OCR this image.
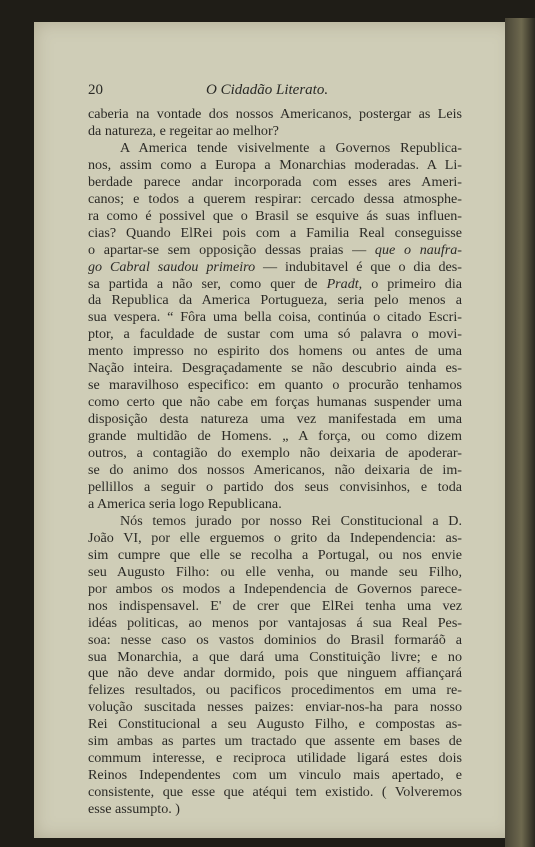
20	O Cidadão Literato.

caberia na vontade dos nossos Americanos, postergar as Leis
da natureza, e regeitar ao melhor?

A America tende visivelmente a Governos Republica-
nos, assim como a Europa a Monarchias moderadas. A Li-
berdade parece andar incorporada com esses ares Ameri-
canos; e todos a querem respirar: cercado dessa atmosphe-
ra como é possivel que o Brasil se esquive ás suas influen-
cias? Quando ElRei pois com a Familia Real conseguisse
o apartar-se sem opposição dessas praias — que o naufra-
go Cabral saudou primeiro — indubitavel é que o dia des-
sa partida a não ser, como quer de Pradt, o primeiro dia
da Republica da America Portugueza, seria pelo menos a
sua vespera. “ Fôra uma bella coisa, continúa o citado Escri-
ptor, a faculdade de sustar com uma só palavra o movi-
mento impresso no espirito dos homens ou antes de uma
Nação inteira. Desgraçadamente se não descubrio ainda es-
se maravilhoso especifico: em quanto o procurão tenhamos
como certo que não cabe em forças humanas suspender uma
disposição desta natureza uma vez manifestada em uma
grande multidão de Homens. „ A força, ou como dizem
outros, a contagião do exemplo não deixaria de apoderar-
se do animo dos nossos Americanos, não deixaria de im-
pellillos a seguir o partido dos seus convisinhos, e toda
a America seria logo Republicana.

Nós temos jurado por nosso Rei Constitucional a D.
João VI, por elle erguemos o grito da Independencia: as-
sim cumpre que elle se recolha a Portugal, ou nos envie
seu Augusto Filho: ou elle venha, ou mande seu Filho,
por ambos os modos a Independencia de Governos parece-
nos indispensavel. E' de crer que ElRei tenha uma vez
idéas politicas, ao menos por vantajosas á sua Real Pes-
soa: nesse caso os vastos dominios do Brasil formaráõ a
sua Monarchia, a que dará uma Constituição livre; e no
que não deve andar dormido, pois que ninguem affiançará
felizes resultados, ou pacificos procedimentos em uma re-
volução suscitada nesses paizes: enviar-nos-ha para nosso
Rei Constitucional a seu Augusto Filho, e compostas as-
sim ambas as partes um tractado que assente em bases de
commum interesse, e reciproca utilidade ligará estes dois
Reinos Independentes com um vinculo mais apertado, e
consistente, que esse que atéqui tem existido. ( Volveremos
esse assumpto. )
